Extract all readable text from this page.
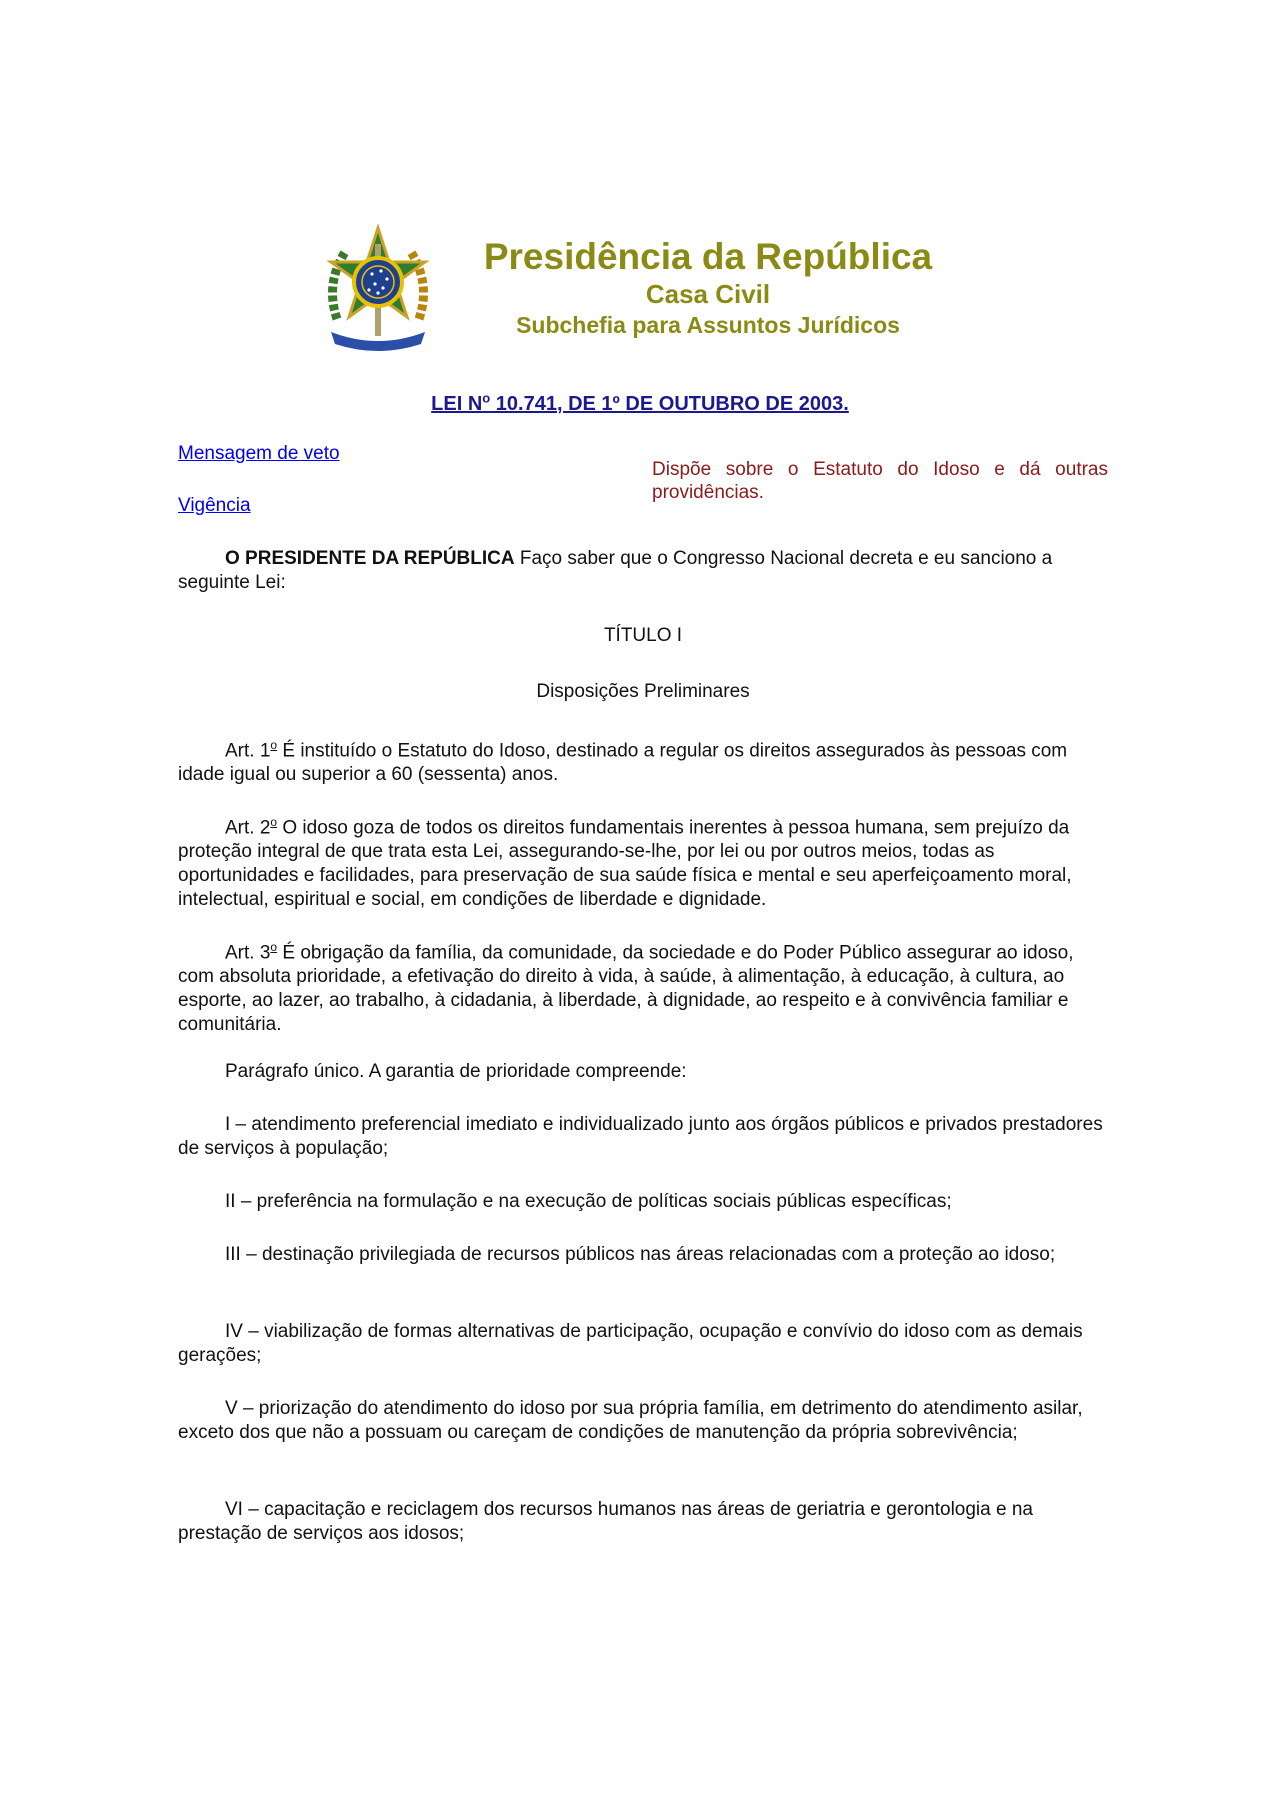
Presidência da República
Casa Civil
Subchefia para Assuntos Jurídicos
LEI N$^o$ 10.741, DE 1º DE OUTUBRO DE 2003.
Mensagem de veto
Vigência
Dispõe sobre o Estatuto do Idoso e dá outras providências.

O PRESIDENTE DA REPÚBLICA Faço saber que o Congresso Nacional decreta e eu sanciono a seguinte Lei:

TÍTULO I
Disposições Preliminares

Art. 1$^o$ É instituído o Estatuto do Idoso, destinado a regular os direitos assegurados às pessoas com idade igual ou superior a 60 (sessenta) anos.

Art. 2$^o$ O idoso goza de todos os direitos fundamentais inerentes à pessoa humana, sem prejuízo da proteção integral de que trata esta Lei, assegurando-se-lhe, por lei ou por outros meios, todas as oportunidades e facilidades, para preservação de sua saúde física e mental e seu aperfeiçoamento moral, intelectual, espiritual e social, em condições de liberdade e dignidade.

Art. 3$^o$ É obrigação da família, da comunidade, da sociedade e do Poder Público assegurar ao idoso, com absoluta prioridade, a efetivação do direito à vida, à saúde, à alimentação, à educação, à cultura, ao esporte, ao lazer, ao trabalho, à cidadania, à liberdade, à dignidade, ao respeito e à convivência familiar e comunitária.

Parágrafo único. A garantia de prioridade compreende:

I – atendimento preferencial imediato e individualizado junto aos órgãos públicos e privados prestadores de serviços à população;

II – preferência na formulação e na execução de políticas sociais públicas específicas;

III – destinação privilegiada de recursos públicos nas áreas relacionadas com a proteção ao idoso;

IV – viabilização de formas alternativas de participação, ocupação e convívio do idoso com as demais gerações;

V – priorização do atendimento do idoso por sua própria família, em detrimento do atendimento asilar, exceto dos que não a possuam ou careçam de condições de manutenção da própria sobrevivência;

VI – capacitação e reciclagem dos recursos humanos nas áreas de geriatria e gerontologia e na prestação de serviços aos idosos;
